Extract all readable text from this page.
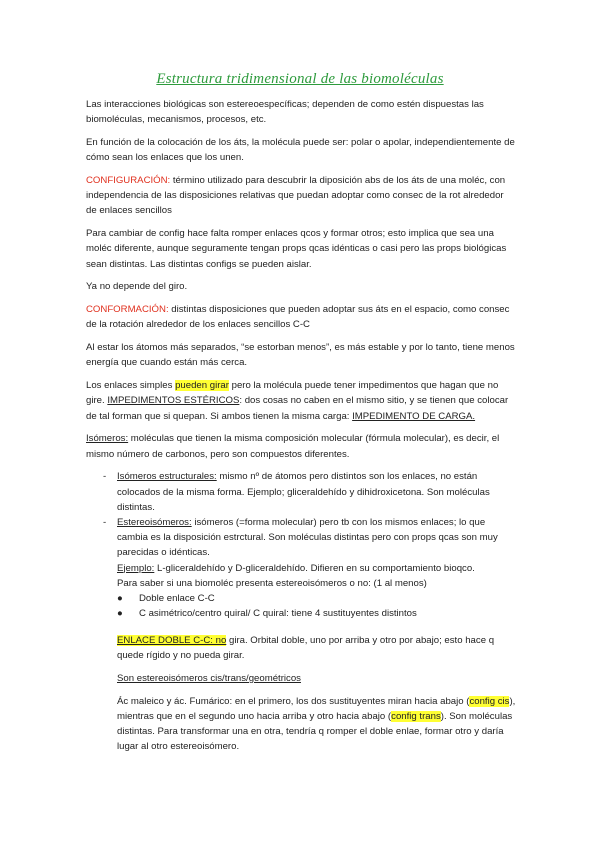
Estructura tridimensional de las biomoléculas

Las interacciones biológicas son estereoespecíficas; dependen de como estén dispuestas las biomoléculas, mecanismos, procesos, etc.

En función de la colocación de los áts, la molécula puede ser: polar o apolar, independientemente de cómo sean los enlaces que los unen.

CONFIGURACIÓN: término utilizado para descubrir la diposición abs de los áts de una moléc, con independencia de las disposiciones relativas que puedan adoptar como consec de la rot alrededor de enlaces sencillos

Para cambiar de config hace falta romper enlaces qcos y formar otros; esto implica que sea una moléc diferente, aunque seguramente tengan props qcas idénticas o casi pero las props biológicas sean distintas. Las distintas configs se pueden aislar.

Ya no depende del giro.

CONFORMACIÓN: distintas disposiciones que pueden adoptar sus áts en el espacio, como consec de la rotación alrededor de los enlaces sencillos C-C

Al estar los átomos más separados, “se estorban menos”, es más estable y por lo tanto, tiene menos energía que cuando están más cerca.

Los enlaces simples pueden girar pero la molécula puede tener impedimentos que hagan que no gire. IMPEDIMENTOS ESTÉRICOS: dos cosas no caben en el mismo sitio, y se tienen que colocar de tal forman que si quepan. Si ambos tienen la misma carga: IMPEDIMENTO DE CARGA.

Isómeros: moléculas que tienen la misma composición molecular (fórmula molecular), es decir, el mismo número de carbonos, pero son compuestos diferentes.

- Isómeros estructurales: mismo nº de átomos pero distintos son los enlaces, no están colocados de la misma forma. Ejemplo; gliceraldehído y dihidroxicetona. Son moléculas distintas.
- Estereoisómeros: isómeros (=forma molecular) pero tb con los mismos enlaces; lo que cambia es la disposición estrctural. Son moléculas distintas pero con props qcas son muy parecidas o idénticas.
Ejemplo: L-gliceraldehído y D-gliceraldehído. Difieren en su comportamiento bioqco.
Para saber si una biomoléc presenta estereoisómeros o no: (1 al menos)
● Doble enlace C-C
● C asimétrico/centro quiral/ C quiral: tiene 4 sustituyentes distintos

ENLACE DOBLE C-C: no gira. Orbital doble, uno por arriba y otro por abajo; esto hace q quede rígido y no pueda girar.

Son estereoisómeros cis/trans/geométricos

Ác maleico y ác. Fumárico: en el primero, los dos sustituyentes miran hacia abajo (config cis), mientras que en el segundo uno hacia arriba y otro hacia abajo (config trans). Son moléculas distintas. Para transformar una en otra, tendría q romper el doble enlae, formar otro y daría lugar al otro estereoisómero.
